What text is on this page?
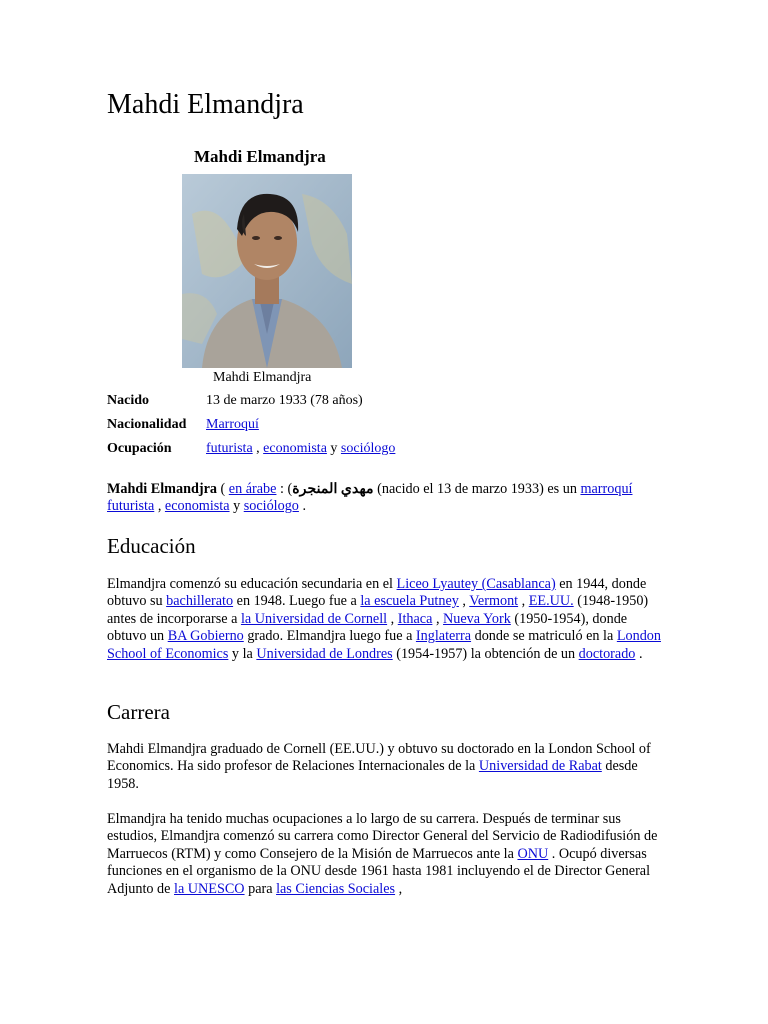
Mahdi Elmandjra
Mahdi Elmandjra
Mahdi Elmandjra
Nacido	13 de marzo 1933 (78 años)
Nacionalidad	Marroquí
Ocupación	futurista , economista y sociólogo

Mahdi Elmandjra ( en árabe : (مهدي المنجرة (nacido el 13 de marzo 1933) es un marroquí futurista , economista y sociólogo .

Educación

Elmandjra comenzó su educación secundaria en el Liceo Lyautey (Casablanca) en 1944, donde obtuvo su bachillerato en 1948. Luego fue a la escuela Putney , Vermont , EE.UU. (1948-1950) antes de incorporarse a la Universidad de Cornell , Ithaca , Nueva York (1950-1954), donde obtuvo un BA Gobierno grado. Elmandjra luego fue a Inglaterra donde se matriculó en la London School of Economics y la Universidad de Londres (1954-1957) la obtención de un doctorado .

Carrera

Mahdi Elmandjra graduado de Cornell (EE.UU.) y obtuvo su doctorado en la London School of Economics. Ha sido profesor de Relaciones Internacionales de la Universidad de Rabat desde 1958.

Elmandjra ha tenido muchas ocupaciones a lo largo de su carrera. Después de terminar sus estudios, Elmandjra comenzó su carrera como Director General del Servicio de Radiodifusión de Marruecos (RTM) y como Consejero de la Misión de Marruecos ante la ONU . Ocupó diversas funciones en el organismo de la ONU desde 1961 hasta 1981 incluyendo el de Director General Adjunto de la UNESCO para las Ciencias Sociales ,
